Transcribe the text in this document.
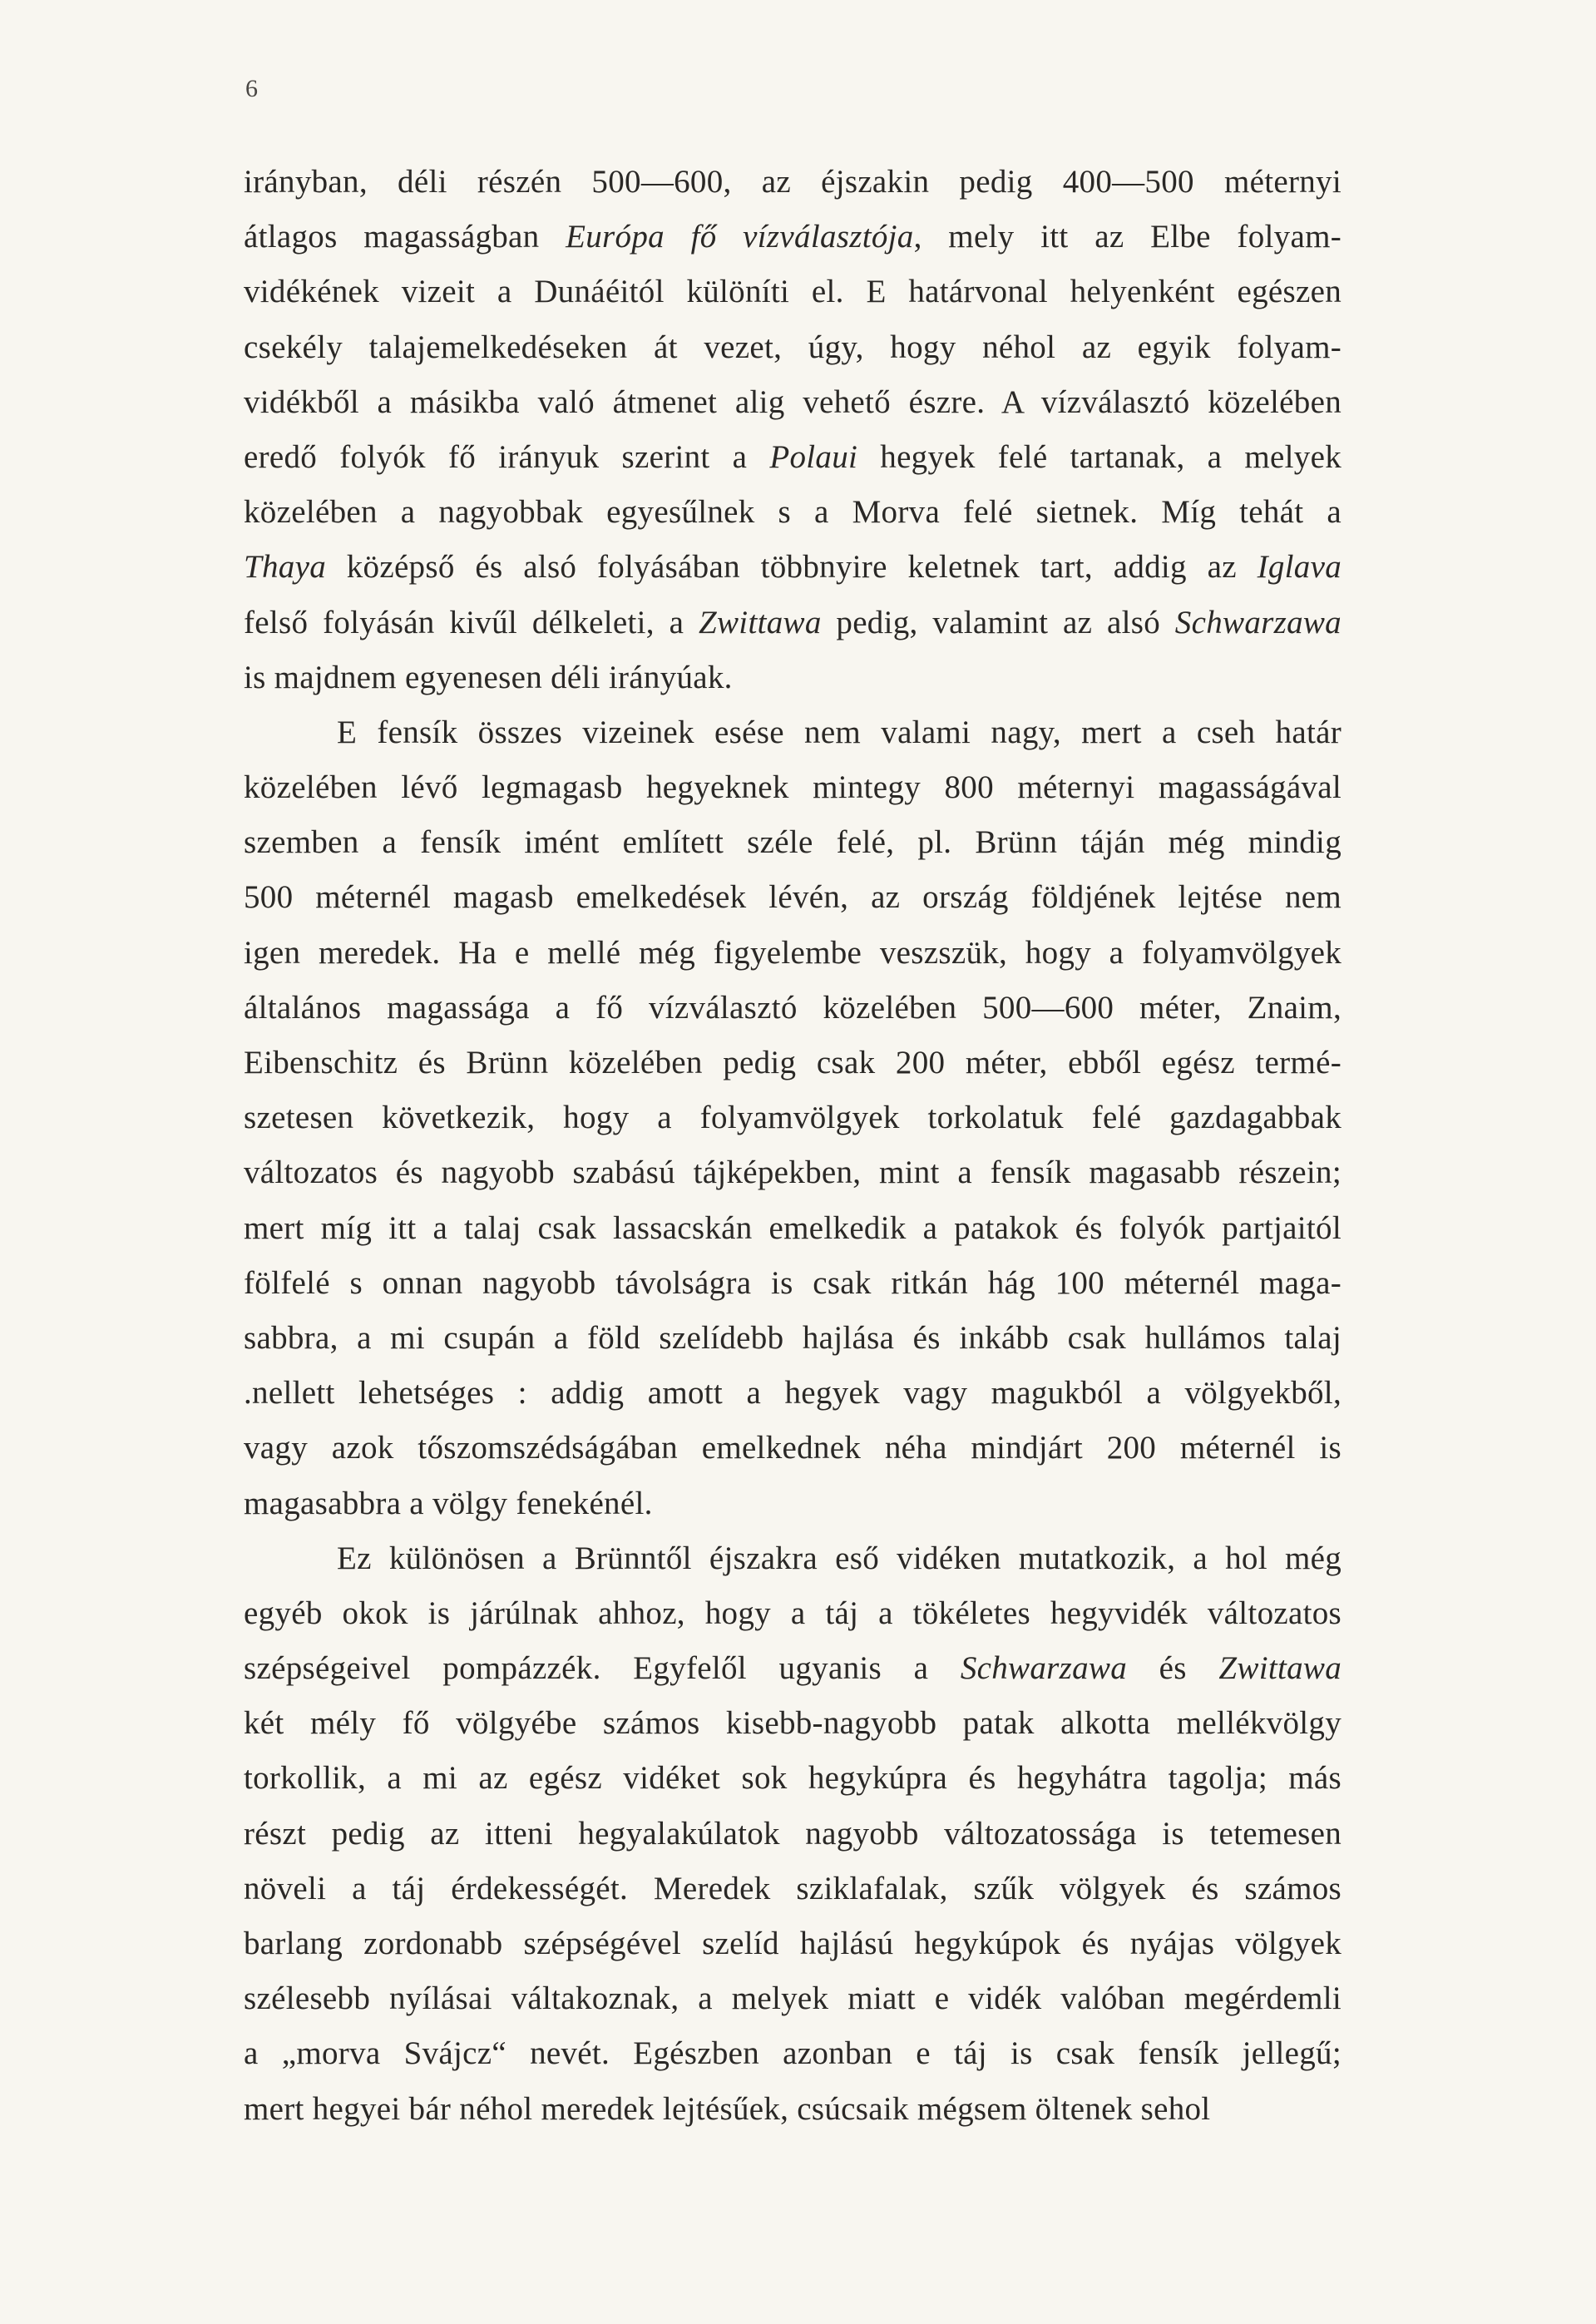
6
irányban, déli részén 500—600, az éjszakin pedig 400—500 méternyi
átlagos magasságban Európa fő vízválasztója, mely itt az Elbe folyam-
vidékének vizeit a Dunáéitól különíti el. E határvonal helyenként egészen
csekély talajemelkedéseken át vezet, úgy, hogy néhol az egyik folyam-
vidékből a másikba való átmenet alig vehető észre. A vízválasztó közelében
eredő folyók fő irányuk szerint a Polaui hegyek felé tartanak, a melyek
közelében a nagyobbak egyesűlnek s a Morva felé sietnek. Míg tehát a
Thaya középső és alsó folyásában többnyire keletnek tart, addig az Iglava
felső folyásán kivűl délkeleti, a Zwittawa pedig, valamint az alsó Schwarzawa
is majdnem egyenesen déli irányúak.
E fensík összes vizeinek esése nem valami nagy, mert a cseh határ
közelében lévő legmagasb hegyeknek mintegy 800 méternyi magasságával
szemben a fensík imént említett széle felé, pl. Brünn táján még mindig
500 méternél magasb emelkedések lévén, az ország földjének lejtése nem
igen meredek. Ha e mellé még figyelembe veszszük, hogy a folyamvölgyek
általános magassága a fő vízválasztó közelében 500—600 méter, Znaim,
Eibenschitz és Brünn közelében pedig csak 200 méter, ebből egész termé-
szetesen következik, hogy a folyamvölgyek torkolatuk felé gazdagabbak
változatos és nagyobb szabású tájképekben, mint a fensík magasabb részein;
mert míg itt a talaj csak lassacskán emelkedik a patakok és folyók partjaitól
fölfelé s onnan nagyobb távolságra is csak ritkán hág 100 méternél maga-
sabbra, a mi csupán a föld szelídebb hajlása és inkább csak hullámos talaj
.nellett lehetséges : addig amott a hegyek vagy magukból a völgyekből,
vagy azok tőszomszédságában emelkednek néha mindjárt 200 méternél is
magasabbra a völgy fenekénél.
Ez különösen a Brünntől éjszakra eső vidéken mutatkozik, a hol még
egyéb okok is járúlnak ahhoz, hogy a táj a tökéletes hegyvidék változatos
szépségeivel pompázzék. Egyfelől ugyanis a Schwarzawa és Zwittawa
két mély fő völgyébe számos kisebb-nagyobb patak alkotta mellékvölgy
torkollik, a mi az egész vidéket sok hegykúpra és hegyhátra tagolja; más
részt pedig az itteni hegyalakúlatok nagyobb változatossága is tetemesen
növeli a táj érdekességét. Meredek sziklafalak, szűk völgyek és számos
barlang zordonabb szépségével szelíd hajlású hegykúpok és nyájas völgyek
szélesebb nyílásai váltakoznak, a melyek miatt e vidék valóban megérdemli
a „morva Svájcz“ nevét. Egészben azonban e táj is csak fensík jellegű;
mert hegyei bár néhol meredek lejtésűek, csúcsaik mégsem öltenek sehol
